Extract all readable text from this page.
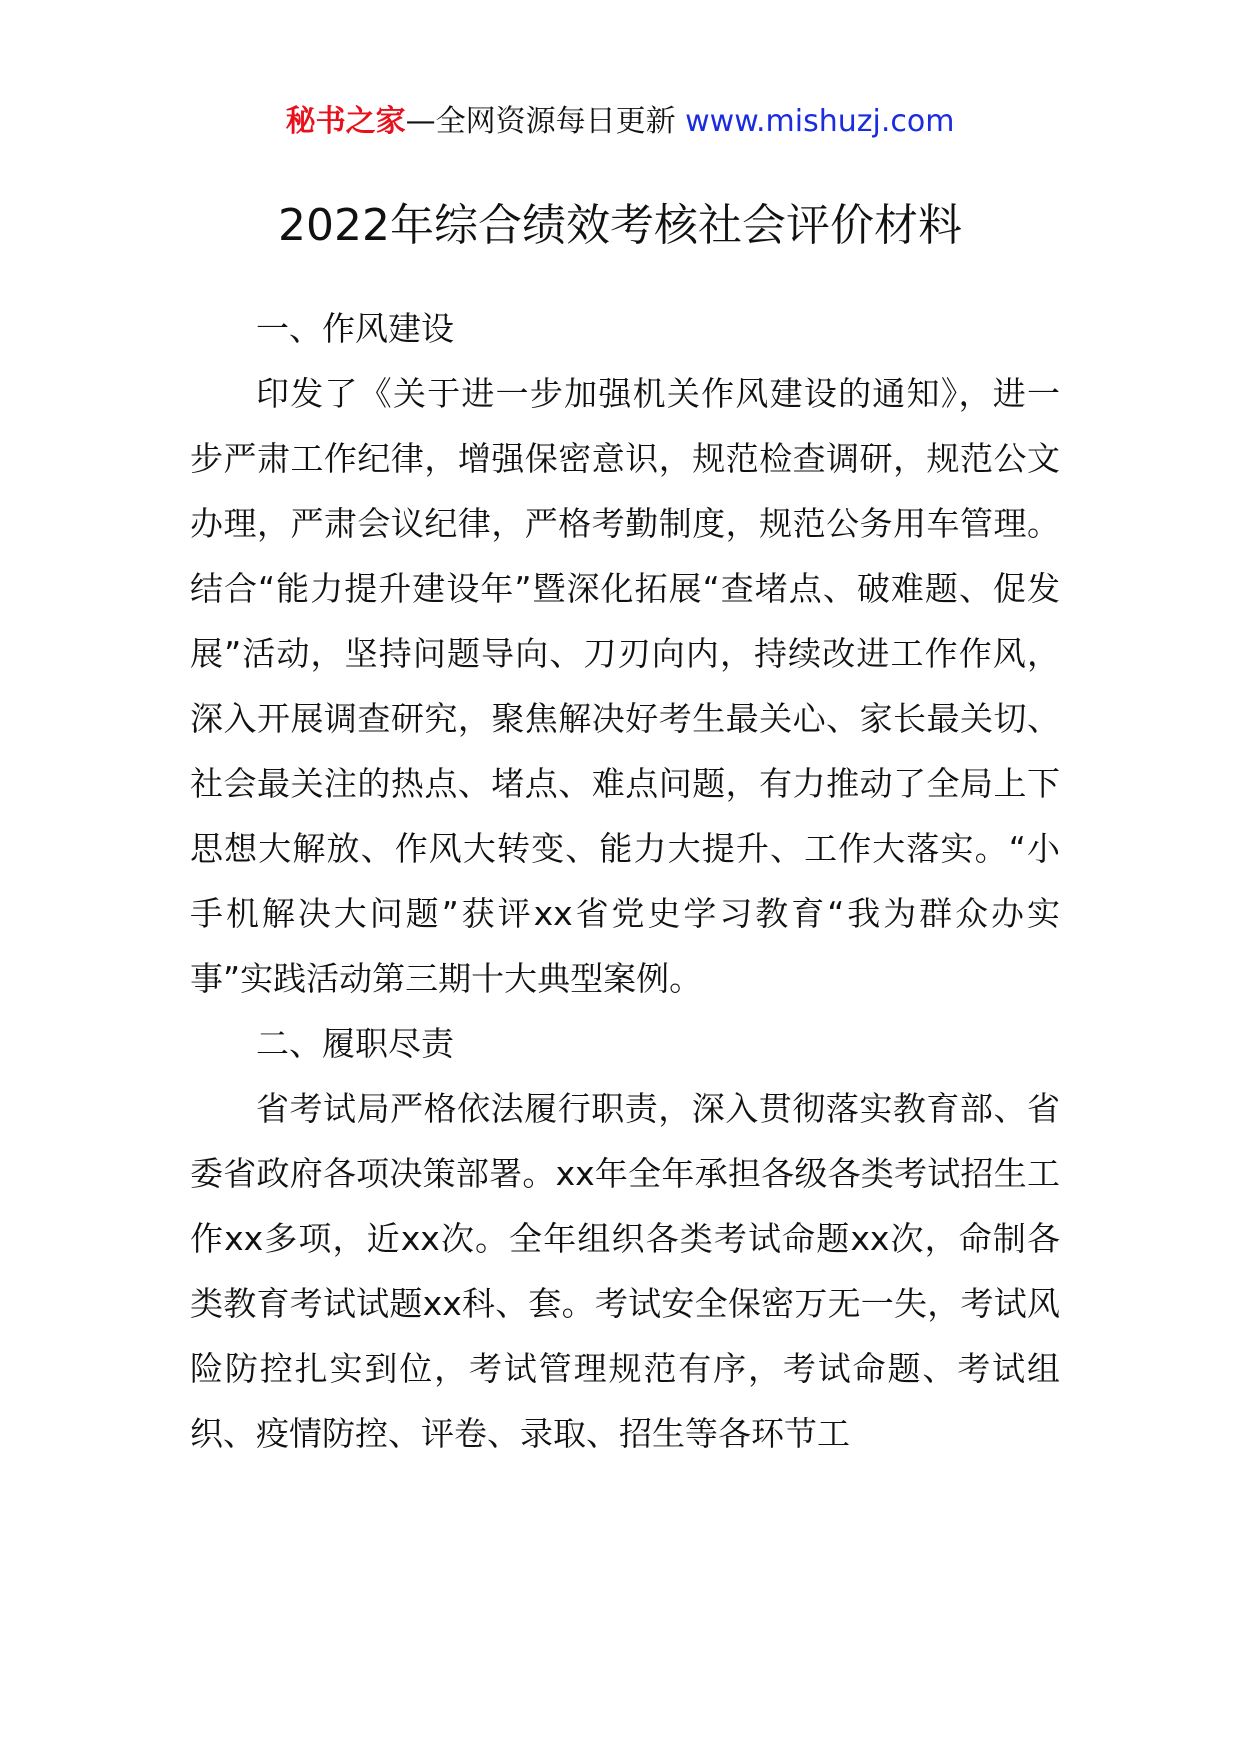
秘书之家—全网资源每日更新 www.mishuzj.com
2022年综合绩效考核社会评价材料

一、作风建设

印发了《关于进一步加强机关作风建设的通知》，进一步严肃工作纪律，增强保密意识，规范检查调研，规范公文办理，严肃会议纪律，严格考勤制度，规范公务用车管理。结合“能力提升建设年”暨深化拓展“查堵点、破难题、促发展”活动，坚持问题导向、刀刃向内，持续改进工作作风，深入开展调查研究，聚焦解决好考生最关心、家长最关切、社会最关注的热点、堵点、难点问题，有力推动了全局上下思想大解放、作风大转变、能力大提升、工作大落实。“小手机解决大问题”获评xx省党史学习教育“我为群众办实事”实践活动第三期十大典型案例。

二、履职尽责

省考试局严格依法履行职责，深入贯彻落实教育部、省委省政府各项决策部署。xx年全年承担各级各类考试招生工作xx多项，近xx次。全年组织各类考试命题xx次，命制各类教育考试试题xx科、套。考试安全保密万无一失，考试风险防控扎实到位，考试管理规范有序，考试命题、考试组织、疫情防控、评卷、录取、招生等各环节工
